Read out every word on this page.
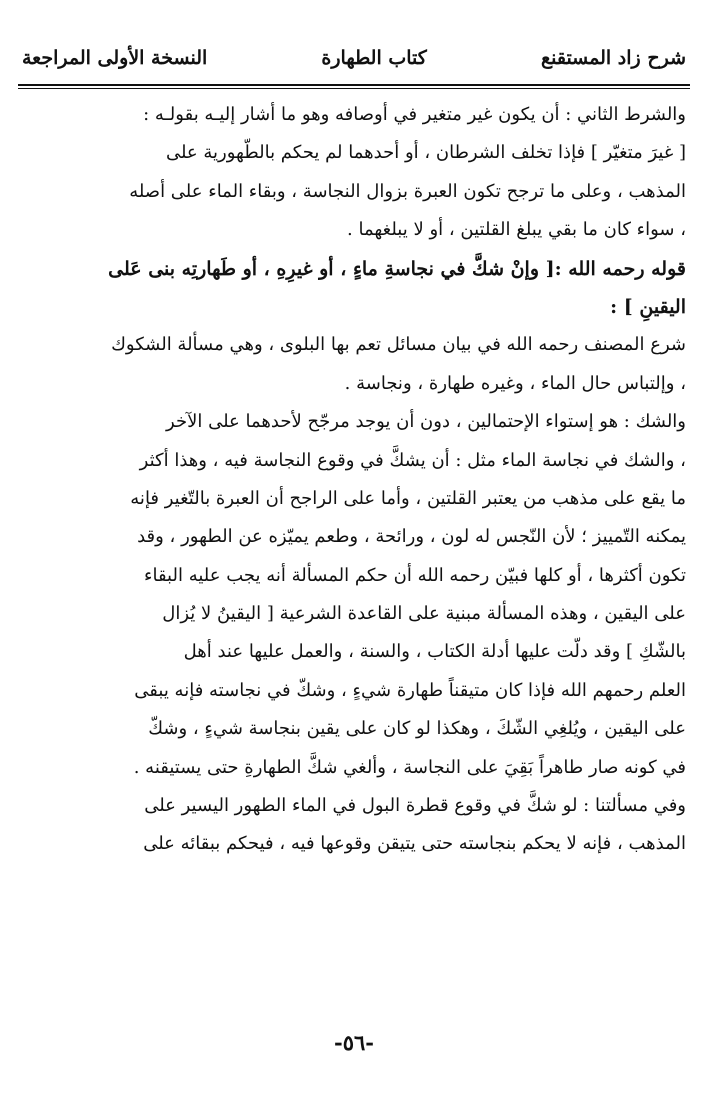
شرح زاد المستقنع
كتاب الطهارة
النسخة الأولى المراجعة
والشرط الثاني : أن يكون غير متغير في أوصافه وهو ما أشار إليـه بقولـه :
[ غيرَ متغيّر ] فإذا تخلف الشرطان ، أو أحدهما لم يحكم بالطّهورية على
المذهب ، وعلى ما ترجح تكون العبرة بزوال النجاسة ، وبقاء الماء على أصله
، سواء كان ما بقي يبلغ القلتين ، أو لا يبلغهما .
قوله رحمه الله :[ وإنْ شكَّ في نجاسةِ ماءٍ ، أو غيرِهِ ، أو طَهارتِه بنى عَلى
اليقينِ ] :
شرع المصنف رحمه الله في بيان مسائل تعم بها البلوى ، وهي مسألة الشكوك
، وإلتباس حال الماء ، وغيره طهارة ، ونجاسة .
والشك : هو إستواء الإحتمالين ، دون أن يوجد مرجّح لأحدهما على الآخر
، والشك في نجاسة الماء مثل : أن يشكَّ في وقوع النجاسة فيه ، وهذا أكثر
ما يقع على مذهب من يعتبر القلتين ، وأما على الراجح أن العبرة بالتّغير فإنه
يمكنه التّمييز ؛ لأن النّجس له لون ، ورائحة ، وطعم يميّزه عن الطهور ، وقد
تكون أكثرها ، أو كلها فبيّن رحمه الله أن حكم المسألة أنه يجب عليه البقاء
على اليقين ، وهذه المسألة مبنية على القاعدة الشرعية [ اليقينُ لا يُزال
بالشّكِ ] وقد دلّت عليها أدلة الكتاب ، والسنة ، والعمل عليها عند أهل
العلم رحمهم الله فإذا كان متيقناً طهارة شيءٍ ، وشكّ في نجاسته فإنه يبقى
على اليقين ، ويُلغِي الشّكَ ، وهكذا لو كان على يقين بنجاسة شيءٍ ، وشكّ
في كونه صار طاهراً بَقِيَ على النجاسة ، وألغي شكَّ الطهارةِ حتى يستيقنه .
وفي مسألتنا : لو شكَّ في وقوع قطرة البول في الماء الطهور اليسير على
المذهب ، فإنه لا يحكم بنجاسته حتى يتيقن وقوعها فيه ، فيحكم ببقائه على
-٥٦-
